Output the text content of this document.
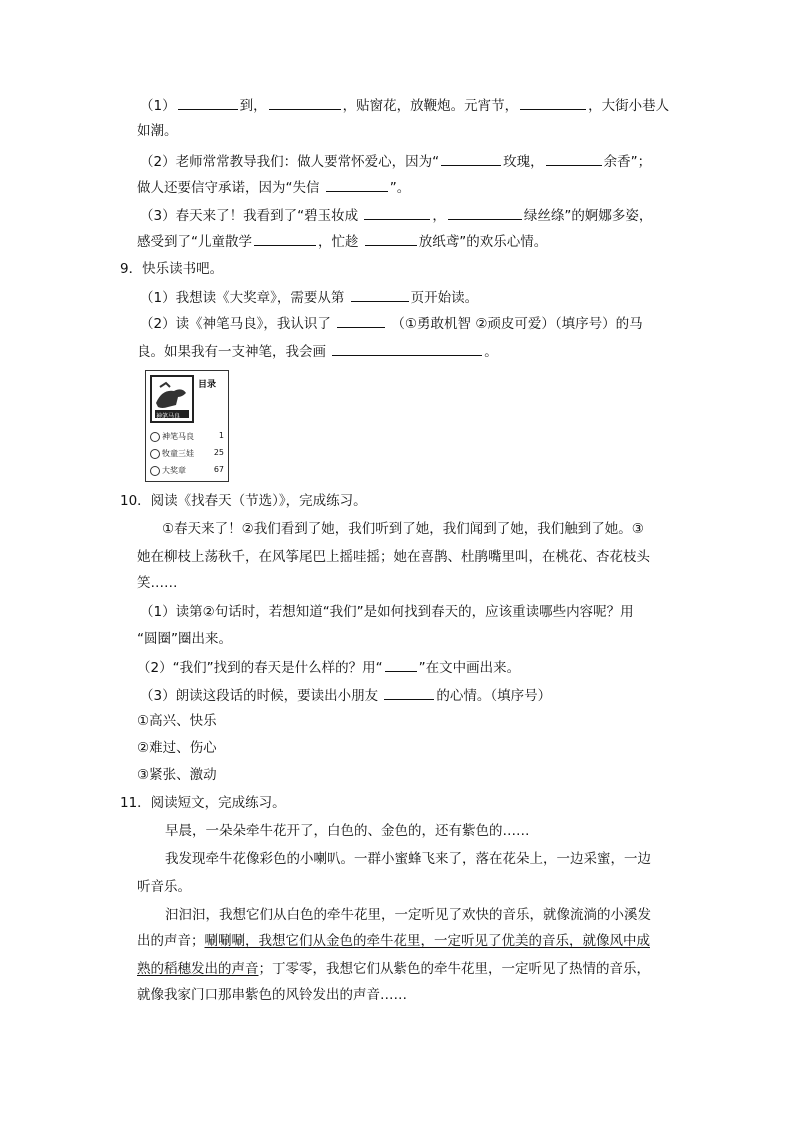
（1）	到，	，贴窗花，放鞭炮。元宵节，	，大街小巷人
如潮。
（2）老师常常教导我们：做人要常怀爱心，因为“	玫瑰，	余香”；
做人还要信守承诺，因为“失信	”。
（3）春天来了！我看到了“碧玉妆成	，	绿丝绦”的婀娜多姿，
感受到了“儿童散学	，忙趁	放纸鸢”的欢乐心情。
9．快乐读书吧。
（1）我想读《大奖章》，需要从第	页开始读。
（2）读《神笔马良》，我认识了	（①勇敢机智 ②顽皮可爱）（填序号）的马
良。如果我有一支神笔，我会画	。
神笔马良
目录
神笔马良	1
牧童三娃 25
大奖章	67
10．阅读《找春天（节选）》，完成练习。
①春天来了！②我们看到了她，我们听到了她，我们闻到了她，我们触到了她。③
她在柳枝上荡秋千，在风筝尾巴上摇哇摇；她在喜鹊、杜鹃嘴里叫，在桃花、杏花枝头
笑……
（1）读第②句话时，若想知道“我们”是如何找到春天的，应该重读哪些内容呢？用
“圆圈”圈出来。
（2）“我们”找到的春天是什么样的？用“	”在文中画出来。
（3）朗读这段话的时候，要读出小朋友	的心情。（填序号）
①高兴、快乐
②难过、伤心
③紧张、激动
11．阅读短文，完成练习。
早晨，一朵朵牵牛花开了，白色的、金色的，还有紫色的……
我发现牵牛花像彩色的小喇叭。一群小蜜蜂飞来了，落在花朵上，一边采蜜，一边
听音乐。
汩汩汩，我想它们从白色的牵牛花里，一定听见了欢快的音乐，就像流淌的小溪发
出的声音；唰唰唰，我想它们从金色的牵牛花里，一定听见了优美的音乐，就像风中成
熟的稻穗发出的声音；丁零零，我想它们从紫色的牵牛花里，一定听见了热情的音乐，
就像我家门口那串紫色的风铃发出的声音……
